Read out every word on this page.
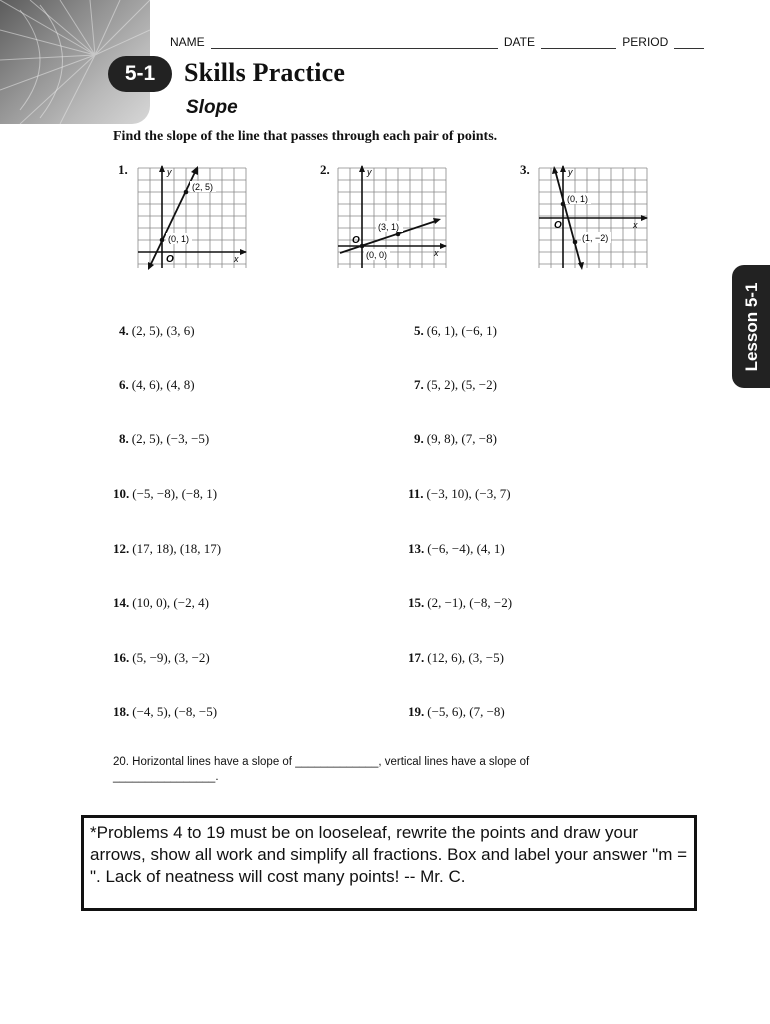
5-1
NAME	DATE	PERIOD
Skills Practice
Slope
Find the slope of the line that passes through each pair of points.
1.
(2, 5)
(0, 1)
y
x
O
2.
(3, 1)
(0, 0)
y
x
O
3.
(0, 1)
(1, −2)
y
x
O
4. (2, 5), (3, 6)	5. (6, 1), (−6, 1)
6. (4, 6), (4, 8)	7. (5, 2), (5, −2)
8. (2, 5), (−3, −5)	9. (9, 8), (7, −8)
10. (−5, −8), (−8, 1)	11. (−3, 10), (−3, 7)
12. (17, 18), (18, 17)	13. (−6, −4), (4, 1)
14. (10, 0), (−2, 4)	15. (2, −1), (−8, −2)
16. (5, −9), (3, −2)	17. (12, 6), (3, −5)
18. (−4, 5), (−8, −5)	19. (−5, 6), (7, −8)
20. Horizontal lines have a slope of _____________, vertical lines have a slope of ________________.
*Problems 4 to 19 must be on looseleaf, rewrite the points and draw your arrows, show all work and simplify all fractions. Box and label your answer "m = ". Lack of neatness will cost many points! -- Mr. C.
Lesson 5-1
